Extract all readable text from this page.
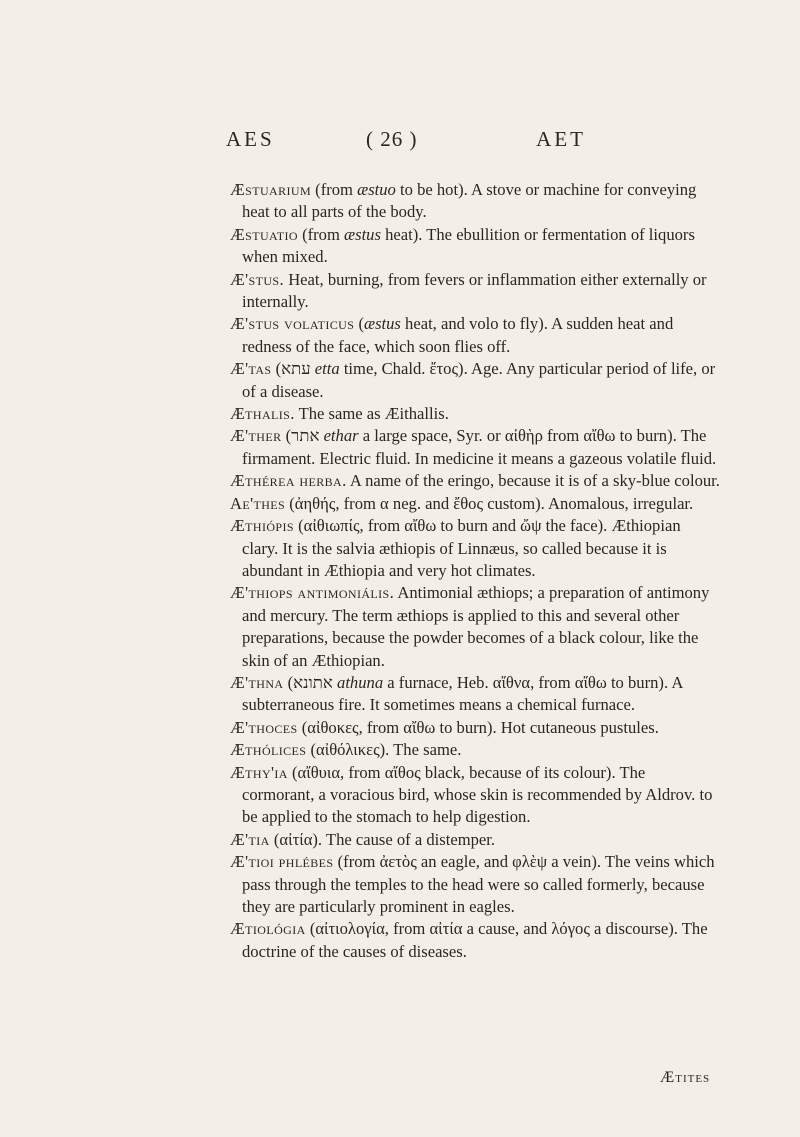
AES	( 26 )	AET

Æstuarium (from æstuo to be hot). A stove or machine for conveying heat to all parts of the body.

Æstuatio (from æstus heat). The ebullition or fermentation of liquors when mixed.

Æ'stus. Heat, burning, from fevers or inflammation either externally or internally.

Æ'stus volaticus (æstus heat, and volo to fly). A sudden heat and redness of the face, which soon flies off.

Æ'tas (עתא etta time, Chald. ἔτος). Age. Any particular period of life, or of a disease.

Æthalis. The same as Æithallis.

Æ'ther (אתר ethar a large space, Syr. or αἰθὴρ from αἴθω to burn). The firmament. Electric fluid. In medicine it means a gazeous volatile fluid.

Æthérea herba. A name of the eringo, because it is of a sky-blue colour.

Ae'thes (ἀηθής, from α neg. and ἔθος custom). Anomalous, irregular.

Æthiópis (αἰθιωπίς, from αἴθω to burn and ὤψ the face). Æthiopian clary. It is the salvia æthiopis of Linnæus, so called because it is abundant in Æthiopia and very hot climates.

Æ'thiops antimoniális. Antimonial æthiops; a preparation of antimony and mercury. The term æthiops is applied to this and several other preparations, because the powder becomes of a black colour, like the skin of an Æthiopian.

Æ'thna (אתונא athuna a furnace, Heb. αἴθνα, from αἴθω to burn). A subterraneous fire. It sometimes means a chemical furnace.

Æ'thoces (αἰθοκες, from αἴθω to burn). Hot cutaneous pustules.

Æthólices (αἰθόλικες). The same.

Æthy'ia (αἴθυια, from αἴθος black, because of its colour). The cormorant, a voracious bird, whose skin is recommended by Aldrov. to be applied to the stomach to help digestion.

Æ'tia (αἰτία). The cause of a distemper.

Æ'tioi phlébes (from ἀετὸς an eagle, and φλὲψ a vein). The veins which pass through the temples to the head were so called formerly, because they are particularly prominent in eagles.

Ætiológia (αἰτιολογία, from αἰτία a cause, and λόγος a discourse). The doctrine of the causes of diseases.

Ætites
